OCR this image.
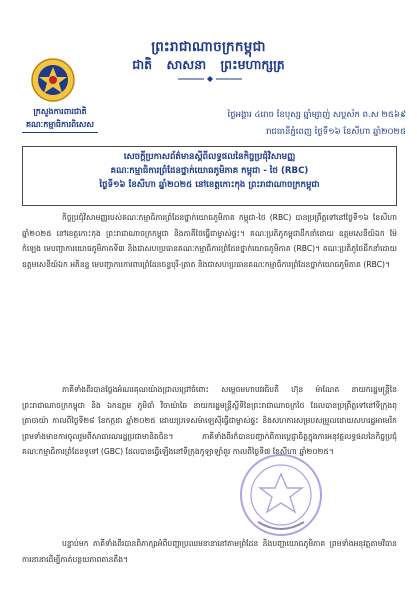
ព្រះរាជាណាចក្រកម្ពុជា
ជាតិ សាសនា ព្រះមហាក្សត្រ
ក្រសួងការពារជាតិ
គណៈកម្មាធិការពិសេស
ថ្ងៃអង្គារ ៤រោច ខែបុស្ស ឆ្នាំម្សាញ់ សប្តស័ក ព.ស ២៥៦៩
រាជធានីភ្នំពេញ ថ្ងៃទី១៦ ខែសីហា ឆ្នាំ២០២៥
សេចក្តីប្រកាសព័ត៌មានស្តីពីលទ្ធផលនៃកិច្ចប្រជុំវិសាមញ្ញ
គណៈកម្មាធិការព្រំដែនថ្នាក់យោធភូមិភាគ កម្ពុជា - ថៃ (RBC)
ថ្ងៃទី១៦ ខែសីហា ឆ្នាំ២០២៥ នៅខេត្តកោះកុង ព្រះរាជាណាចក្រកម្ពុជា

កិច្ចប្រជុំវិសាមញ្ញរបស់គណៈកម្មាធិការព្រំដែនថ្នាក់យោធភូមិភាគ កម្ពុជា-ថៃ (RBC) បានប្រព្រឹត្តទៅនៅថ្ងៃទី១៦ ខែសីហា ឆ្នាំ២០២៥ នៅខេត្តកោះកុង ព្រះរាជាណាចក្រកម្ពុជា និងភាគីថៃធ្វើជាម្ចាស់ផ្ទះ។ គណៈប្រតិភូកម្ពុជាដឹកនាំដោយ ឧត្តមសេនីយ៍ឯក ម៉ែ កំឡេង មេបញ្ជាការយោធភូមិភាគទី៣ និងជាសហប្រធានគណៈកម្មាធិការព្រំដែនថ្នាក់យោធភូមិភាគ (RBC)។ គណៈប្រតិភូថៃដឹកនាំដោយ ឧត្តមសេនីយ៍ឯក អភិនន្ទ មេបញ្ជាការការពារព្រំដែនចន្ទបុរី-ត្រាត និងជាសហប្រធានគណៈកម្មាធិការព្រំដែនថ្នាក់យោធភូមិភាគ (RBC)។

ភាគីទាំងពីរបានថ្លែងអំណរគុណយ៉ាងជ្រាលជ្រៅចំពោះ សម្តេចមហាបវរធិបតី ហ៊ុន ម៉ាណែត នាយករដ្ឋមន្ត្រីនៃព្រះរាជាណាចក្រកម្ពុជា និង ឯកឧត្តម ភូមិធាំ វិចាយ៉ាឆៃ នាយករដ្ឋមន្ត្រីស្តីទីនៃព្រះរាជាណាចក្រថៃ ដែលបានប្រព្រឹត្តទៅនៅទីក្រុងពុត្រាចាយ៉ា កាលពីថ្ងៃទី២៨ ខែកក្កដា ឆ្នាំ២០២៥ ដោយប្រទេសម៉ាឡេស៊ីធ្វើជាម្ចាស់ផ្ទះ និងសហការសម្របសម្រួលដោយសហរដ្ឋអាមេរិក ព្រមទាំងមានការចូលរួមពីសាធារណរដ្ឋប្រជាមានិតចិន។ ភាគីទាំងពីរក៏បានបញ្ជាក់ពីការប្តេជ្ញាចិត្តក្នុងការអនុវត្តលទ្ធផលនៃកិច្ចប្រជុំគណៈកម្មាធិការព្រំដែនទូទៅ (GBC) ដែលបានធ្វើឡើងនៅទីក្រុងកូឡាឡាំពួរ កាលពីថ្ងៃទី៧ ខែសីហា ឆ្នាំ២០២៥។

បន្ទាប់មក ភាគីទាំងពីរបានពិភាក្សាអំពីបញ្ហាប្រឈមនានានៅតាមព្រំដែន និងបញ្ហាយោធភូមិភាគ ព្រមទាំងអនុវត្តតាមវិធានការនានាដើម្បីកាត់បន្ថយភាពតានតឹង។
